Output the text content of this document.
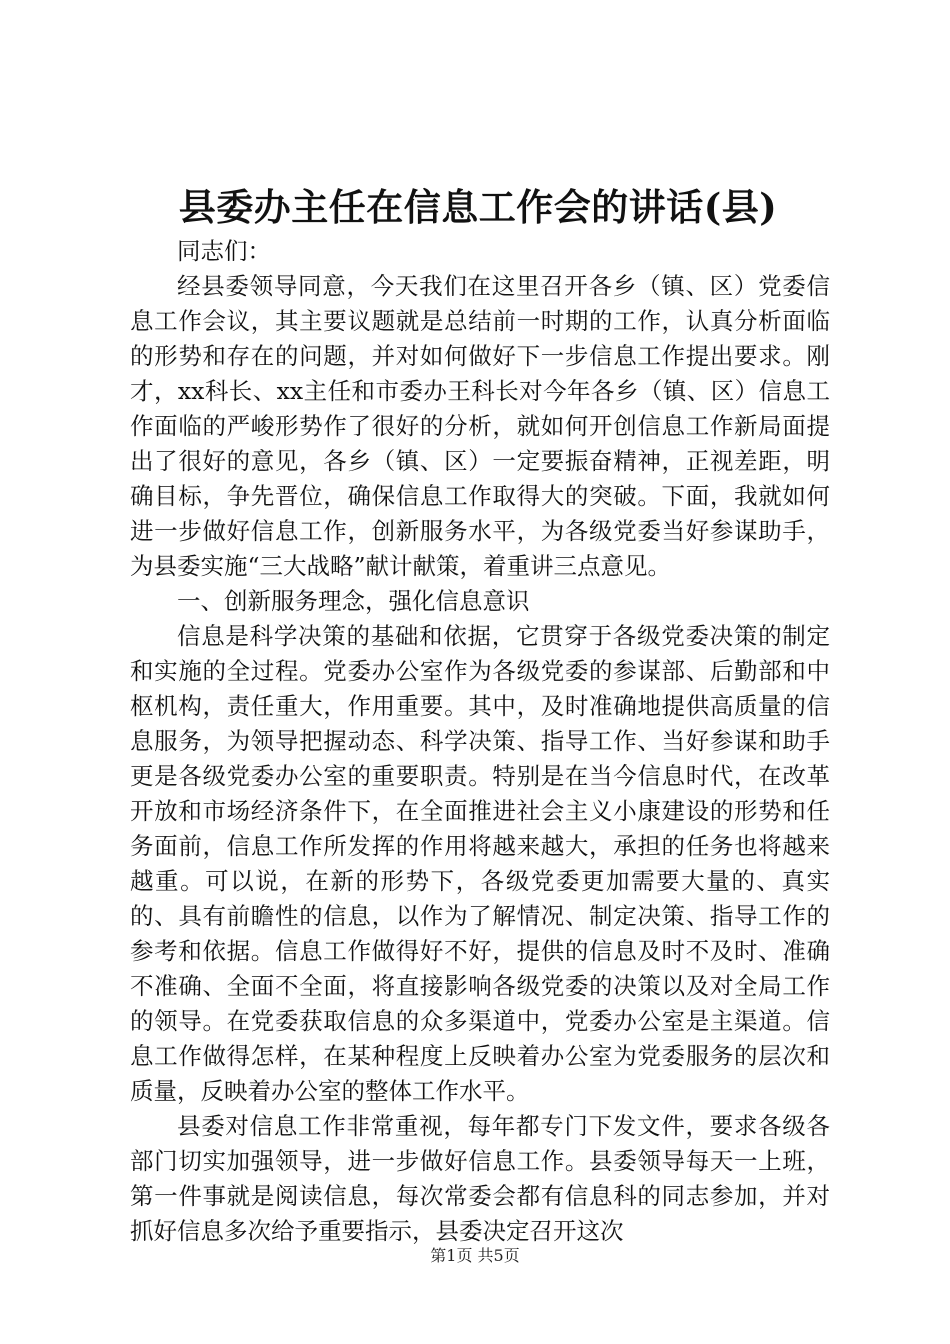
县委办主任在信息工作会的讲话(县)

同志们：

经县委领导同意，今天我们在这里召开各乡（镇、区）党委信息工作会议，其主要议题就是总结前一时期的工作，认真分析面临的形势和存在的问题，并对如何做好下一步信息工作提出要求。刚才，xx科长、xx主任和市委办王科长对今年各乡（镇、区）信息工作面临的严峻形势作了很好的分析，就如何开创信息工作新局面提出了很好的意见，各乡（镇、区）一定要振奋精神，正视差距，明确目标，争先晋位，确保信息工作取得大的突破。下面，我就如何进一步做好信息工作，创新服务水平，为各级党委当好参谋助手，为县委实施“三大战略”献计献策，着重讲三点意见。

一、创新服务理念，强化信息意识

信息是科学决策的基础和依据，它贯穿于各级党委决策的制定和实施的全过程。党委办公室作为各级党委的参谋部、后勤部和中枢机构，责任重大，作用重要。其中，及时准确地提供高质量的信息服务，为领导把握动态、科学决策、指导工作、当好参谋和助手更是各级党委办公室的重要职责。特别是在当今信息时代，在改革开放和市场经济条件下，在全面推进社会主义小康建设的形势和任务面前，信息工作所发挥的作用将越来越大，承担的任务也将越来越重。可以说，在新的形势下，各级党委更加需要大量的、真实的、具有前瞻性的信息，以作为了解情况、制定决策、指导工作的参考和依据。信息工作做得好不好，提供的信息及时不及时、准确不准确、全面不全面，将直接影响各级党委的决策以及对全局工作的领导。在党委获取信息的众多渠道中，党委办公室是主渠道。信息工作做得怎样，在某种程度上反映着办公室为党委服务的层次和质量，反映着办公室的整体工作水平。

县委对信息工作非常重视，每年都专门下发文件，要求各级各部门切实加强领导，进一步做好信息工作。县委领导每天一上班，第一件事就是阅读信息，每次常委会都有信息科的同志参加，并对抓好信息多次给予重要指示，县委决定召开这次

第1页 共5页
